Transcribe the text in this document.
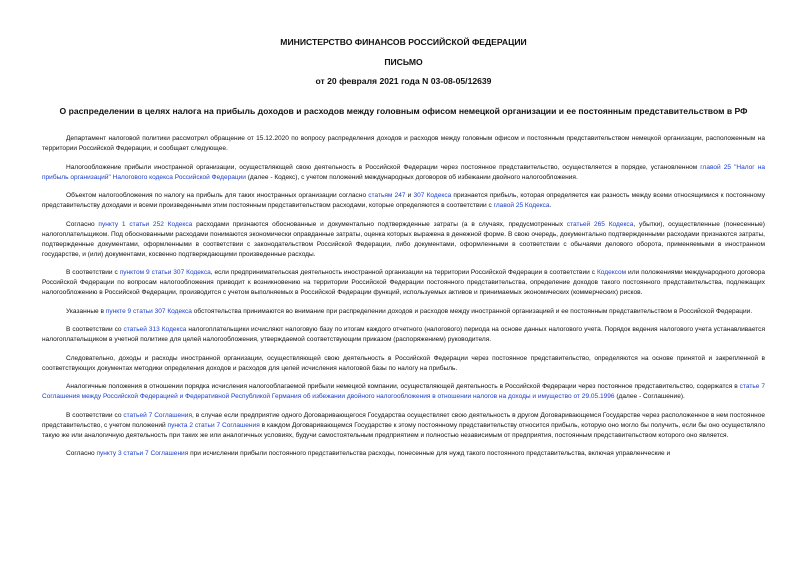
МИНИСТЕРСТВО ФИНАНСОВ РОССИЙСКОЙ ФЕДЕРАЦИИ
ПИСЬМО
от 20 февраля 2021 года N 03-08-05/12639
О распределении в целях налога на прибыль доходов и расходов между головным офисом немецкой организации и ее постоянным представительством в РФ

Департамент налоговой политики рассмотрел обращение от 15.12.2020 по вопросу распределения доходов и расходов между головным офисом и постоянным представительством немецкой организации, расположенным на территории Российской Федерации, и сообщает следующее.

Налогообложение прибыли иностранной организации, осуществляющей свою деятельность в Российской Федерации через постоянное представительство, осуществляется в порядке, установленном главой 25 "Налог на прибыль организаций" Налогового кодекса Российской Федерации (далее - Кодекс), с учетом положений международных договоров об избежании двойного налогообложения.

Объектом налогообложения по налогу на прибыль для таких иностранных организации согласно статьям 247 и 307 Кодекса признается прибыль, которая определяется как разность между всеми относящимися к постоянному представительству доходами и всеми произведенными этим постоянным представительством расходами, которые определяются в соответствии с главой 25 Кодекса.

Согласно пункту 1 статьи 252 Кодекса расходами признаются обоснованные и документально подтвержденные затраты (а в случаях, предусмотренных статьей 265 Кодекса, убытки), осуществленные (понесенные) налогоплательщиком. Под обоснованными расходами понимаются экономически оправданные затраты, оценка которых выражена в денежной форме. В свою очередь, документально подтвержденными расходами признаются затраты, подтвержденные документами, оформленными в соответствии с законодательством Российской Федерации, либо документами, оформленными в соответствии с обычаями делового оборота, применяемыми в иностранном государстве, и (или) документами, косвенно подтверждающими произведенные расходы.

В соответствии с пунктом 9 статьи 307 Кодекса, если предпринимательская деятельность иностранной организации на территории Российской Федерации в соответствии с Кодексом или положениями международного договора Российской Федерации по вопросам налогообложения приводит к возникновению на территории Российской Федерации постоянного представительства, определение доходов такого постоянного представительства, подлежащих налогообложению в Российской Федерации, производится с учетом выполняемых в Российской Федерации функций, используемых активов и принимаемых экономических (коммерческих) рисков.

Указанные в пункте 9 статьи 307 Кодекса обстоятельства принимаются во внимание при распределении доходов и расходов между иностранной организацией и ее постоянным представительством в Российской Федерации.

В соответствии со статьей 313 Кодекса налогоплательщики исчисляют налоговую базу по итогам каждого отчетного (налогового) периода на основе данных налогового учета. Порядок ведения налогового учета устанавливается налогоплательщиком в учетной политике для целей налогообложения, утверждаемой соответствующим приказом (распоряжением) руководителя.

Следовательно, доходы и расходы иностранной организации, осуществляющей свою деятельность в Российской Федерации через постоянное представительство, определяются на основе принятой и закрепленной в соответствующих документах методики определения доходов и расходов для целей исчисления налоговой базы по налогу на прибыль.

Аналогичные положения в отношении порядка исчисления налогооблагаемой прибыли немецкой компании, осуществляющей деятельность в Российской Федерации через постоянное представительство, содержатся в статье 7 Соглашения между Российской Федерацией и Федеративной Республикой Германия об избежании двойного налогообложения в отношении налогов на доходы и имущество от 29.05.1996 (далее - Соглашение).

В соответствии со статьей 7 Соглашения, в случае если предприятие одного Договаривающегося Государства осуществляет свою деятельность в другом Договаривающемся Государстве через расположенное в нем постоянное представительство, с учетом положений пункта 2 статьи 7 Соглашения в каждом Договаривающемся Государстве к этому постоянному представительству относится прибыль, которую оно могло бы получить, если бы оно осуществляло такую же или аналогичную деятельность при таких же или аналогичных условиях, будучи самостоятельным предприятием и полностью независимым от предприятия, постоянным представительством которого оно является.

Согласно пункту 3 статьи 7 Соглашения при исчислении прибыли постоянного представительства расходы, понесенные для нужд такого постоянного представительства, включая управленческие и
